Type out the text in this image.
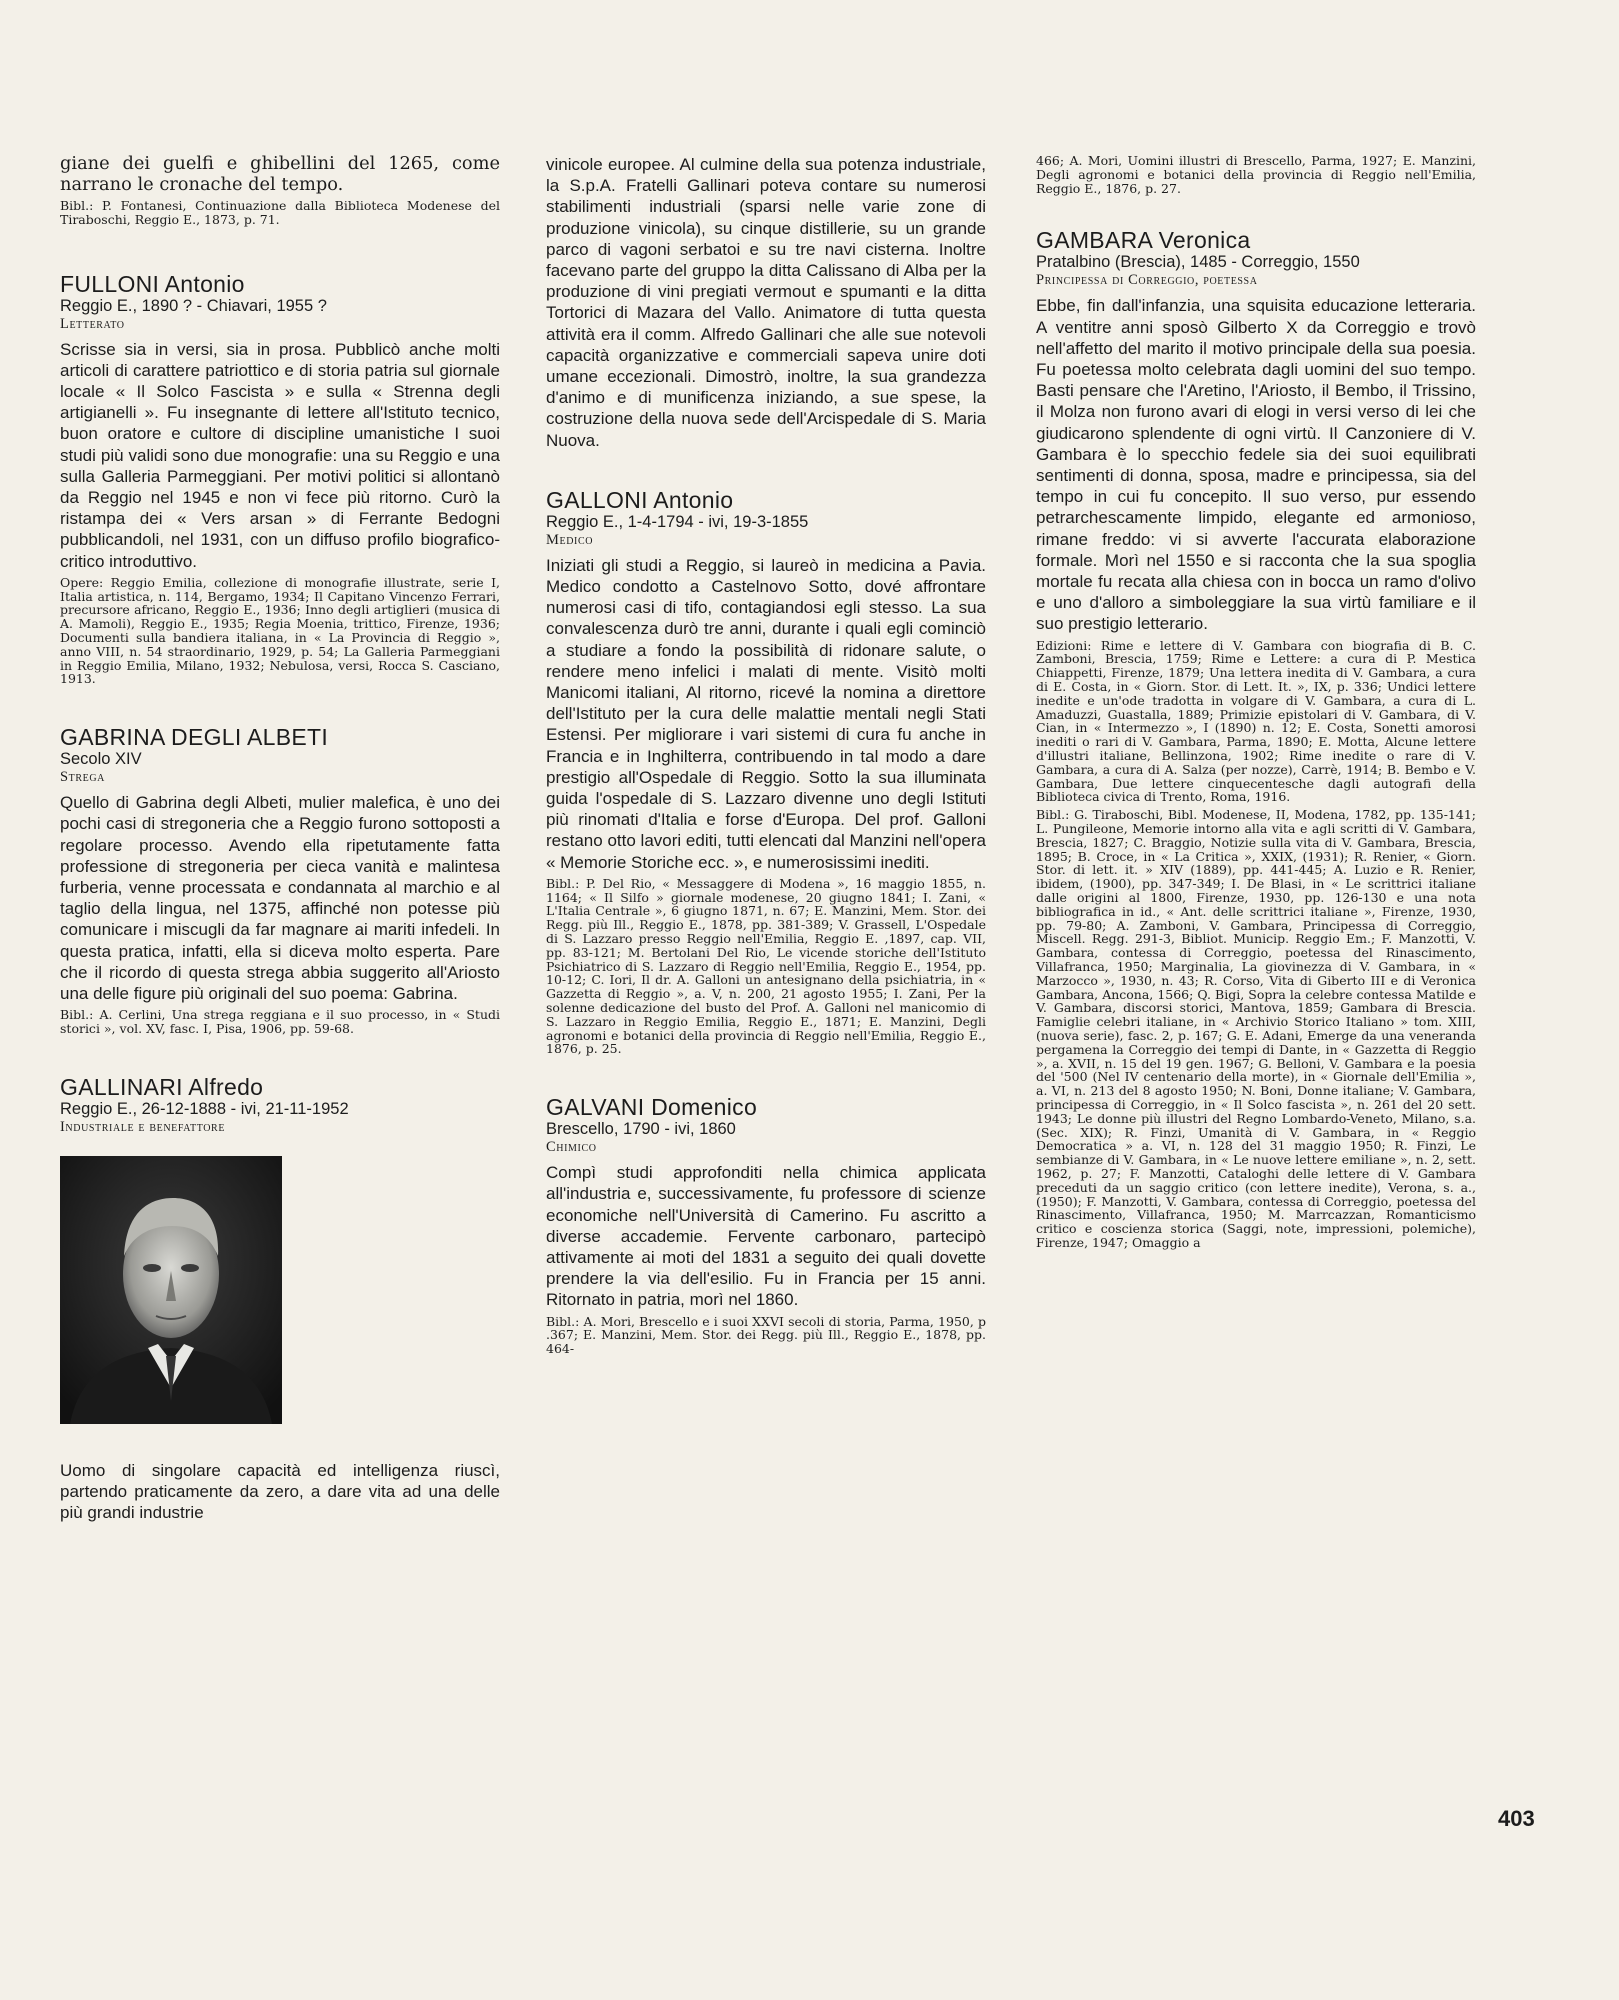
giane dei guelfi e ghibellini del 1265, come narrano le cronache del tempo.

Bibl.: P. Fontanesi, Continuazione dalla Biblioteca Modenese del Tiraboschi, Reggio E., 1873, p. 71.

FULLONI Antonio
Reggio E., 1890 ? - Chiavari, 1955 ?
Letterato

Scrisse sia in versi, sia in prosa. Pubblicò anche molti articoli di carattere patriottico e di storia patria sul giornale locale « Il Solco Fascista » e sulla « Strenna degli artigianelli ». Fu insegnante di lettere all'Istituto tecnico, buon oratore e cultore di discipline umanistiche I suoi studi più validi sono due monografie: una su Reggio e una sulla Galleria Parmeggiani. Per motivi politici si allontanò da Reggio nel 1945 e non vi fece più ritorno. Curò la ristampa dei « Vers arsan » di Ferrante Bedogni pubblicandoli, nel 1931, con un diffuso profilo biografico-critico introduttivo.

Opere: Reggio Emilia, collezione di monografie illustrate, serie I, Italia artistica, n. 114, Bergamo, 1934; Il Capitano Vincenzo Ferrari, precursore africano, Reggio E., 1936; Inno degli artiglieri (musica di A. Mamoli), Reggio E., 1935; Regia Moenia, trittico, Firenze, 1936; Documenti sulla bandiera italiana, in « La Provincia di Reggio », anno VIII, n. 54 straordinario, 1929, p. 54; La Galleria Parmeggiani in Reggio Emilia, Milano, 1932; Nebulosa, versi, Rocca S. Casciano, 1913.

GABRINA DEGLI ALBETI
Secolo XIV
Strega

Quello di Gabrina degli Albeti, mulier malefica, è uno dei pochi casi di stregoneria che a Reggio furono sottoposti a regolare processo. Avendo ella ripetutamente fatta professione di stregoneria per cieca vanità e malintesa furberia, venne processata e condannata al marchio e al taglio della lingua, nel 1375, affinché non potesse più comunicare i miscugli da far magnare ai mariti infedeli. In questa pratica, infatti, ella si diceva molto esperta. Pare che il ricordo di questa strega abbia suggerito all'Ariosto una delle figure più originali del suo poema: Gabrina.

Bibl.: A. Cerlini, Una strega reggiana e il suo processo, in « Studi storici », vol. XV, fasc. I, Pisa, 1906, pp. 59-68.

GALLINARI Alfredo
Reggio E., 26-12-1888 - ivi, 21-11-1952
Industriale e benefattore

Uomo di singolare capacità ed intelligenza riuscì, partendo praticamente da zero, a dare vita ad una delle più grandi industrie

vinicole europee. Al culmine della sua potenza industriale, la S.p.A. Fratelli Gallinari poteva contare su numerosi stabilimenti industriali (sparsi nelle varie zone di produzione vinicola), su cinque distillerie, su un grande parco di vagoni serbatoi e su tre navi cisterna. Inoltre facevano parte del gruppo la ditta Calissano di Alba per la produzione di vini pregiati vermout e spumanti e la ditta Tortorici di Mazara del Vallo. Animatore di tutta questa attività era il comm. Alfredo Gallinari che alle sue notevoli capacità organizzative e commerciali sapeva unire doti umane eccezionali. Dimostrò, inoltre, la sua grandezza d'animo e di munificenza iniziando, a sue spese, la costruzione della nuova sede dell'Arcispedale di S. Maria Nuova.

GALLONI Antonio
Reggio E., 1-4-1794 - ivi, 19-3-1855
Medico

Iniziati gli studi a Reggio, si laureò in medicina a Pavia. Medico condotto a Castelnovo Sotto, dové affrontare numerosi casi di tifo, contagiandosi egli stesso. La sua convalescenza durò tre anni, durante i quali egli cominciò a studiare a fondo la possibilità di ridonare salute, o rendere meno infelici i malati di mente. Visitò molti Manicomi italiani, Al ritorno, ricevé la nomina a direttore dell'Istituto per la cura delle malattie mentali negli Stati Estensi. Per migliorare i vari sistemi di cura fu anche in Francia e in Inghilterra, contribuendo in tal modo a dare prestigio all'Ospedale di Reggio. Sotto la sua illuminata guida l'ospedale di S. Lazzaro divenne uno degli Istituti più rinomati d'Italia e forse d'Europa. Del prof. Galloni restano otto lavori editi, tutti elencati dal Manzini nell'opera « Memorie Storiche ecc. », e numerosissimi inediti.

Bibl.: P. Del Rio, « Messaggere di Modena », 16 maggio 1855, n. 1164; « Il Silfo » giornale modenese, 20 giugno 1841; I. Zani, « L'Italia Centrale », 6 giugno 1871, n. 67; E. Manzini, Mem. Stor. dei Regg. più Ill., Reggio E., 1878, pp. 381-389; V. Grassell, L'Ospedale di S. Lazzaro presso Reggio nell'Emilia, Reggio E. ,1897, cap. VII, pp. 83-121; M. Bertolani Del Rio, Le vicende storiche dell'Istituto Psichiatrico di S. Lazzaro di Reggio nell'Emilia, Reggio E., 1954, pp. 10-12; C. Iori, Il dr. A. Galloni un antesignano della psichiatria, in « Gazzetta di Reggio », a. V, n. 200, 21 agosto 1955; I. Zani, Per la solenne dedicazione del busto del Prof. A. Galloni nel manicomio di S. Lazzaro in Reggio Emilia, Reggio E., 1871; E. Manzini, Degli agronomi e botanici della provincia di Reggio nell'Emilia, Reggio E., 1876, p. 25.

GALVANI Domenico
Brescello, 1790 - ivi, 1860
Chimico

Compì studi approfonditi nella chimica applicata all'industria e, successivamente, fu professore di scienze economiche nell'Università di Camerino. Fu ascritto a diverse accademie. Fervente carbonaro, partecipò attivamente ai moti del 1831 a seguito dei quali dovette prendere la via dell'esilio. Fu in Francia per 15 anni. Ritornato in patria, morì nel 1860.

Bibl.: A. Mori, Brescello e i suoi XXVI secoli di storia, Parma, 1950, p .367; E. Manzini, Mem. Stor. dei Regg. più Ill., Reggio E., 1878, pp. 464-

466; A. Mori, Uomini illustri di Brescello, Parma, 1927; E. Manzini, Degli agronomi e botanici della provincia di Reggio nell'Emilia, Reggio E., 1876, p. 27.

GAMBARA Veronica
Pratalbino (Brescia), 1485 - Correggio, 1550
Principessa di Correggio, poetessa

Ebbe, fin dall'infanzia, una squisita educazione letteraria. A ventitre anni sposò Gilberto X da Correggio e trovò nell'affetto del marito il motivo principale della sua poesia. Fu poetessa molto celebrata dagli uomini del suo tempo. Basti pensare che l'Aretino, l'Ariosto, il Bembo, il Trissino, il Molza non furono avari di elogi in versi verso di lei che giudicarono splendente di ogni virtù. Il Canzoniere di V. Gambara è lo specchio fedele sia dei suoi equilibrati sentimenti di donna, sposa, madre e principessa, sia del tempo in cui fu concepito. Il suo verso, pur essendo petrarchescamente limpido, elegante ed armonioso, rimane freddo: vi si avverte l'accurata elaborazione formale. Morì nel 1550 e si racconta che la sua spoglia mortale fu recata alla chiesa con in bocca un ramo d'olivo e uno d'alloro a simboleggiare la sua virtù familiare e il suo prestigio letterario.

Edizioni: Rime e lettere di V. Gambara con biografia di B. C. Zamboni, Brescia, 1759; Rime e Lettere: a cura di P. Mestica Chiappetti, Firenze, 1879; Una lettera inedita di V. Gambara, a cura di E. Costa, in « Giorn. Stor. di Lett. It. », IX, p. 336; Undici lettere inedite e un'ode tradotta in volgare di V. Gambara, a cura di L. Amaduzzi, Guastalla, 1889; Primizie epistolari di V. Gambara, di V. Cian, in « Intermezzo », I (1890) n. 12; E. Costa, Sonetti amorosi inediti o rari di V. Gambara, Parma, 1890; E. Motta, Alcune lettere d'illustri italiane, Bellinzona, 1902; Rime inedite o rare di V. Gambara, a cura di A. Salza (per nozze), Carrè, 1914; B. Bembo e V. Gambara, Due lettere cinquecentesche dagli autografi della Biblioteca civica di Trento, Roma, 1916.

Bibl.: G. Tiraboschi, Bibl. Modenese, II, Modena, 1782, pp. 135-141; L. Pungileone, Memorie intorno alla vita e agli scritti di V. Gambara, Brescia, 1827; C. Braggio, Notizie sulla vita di V. Gambara, Brescia, 1895; B. Croce, in « La Critica », XXIX, (1931); R. Renier, « Giorn. Stor. di lett. it. » XIV (1889), pp. 441-445; A. Luzio e R. Renier, ibidem, (1900), pp. 347-349; I. De Blasi, in « Le scrittrici italiane dalle origini al 1800, Firenze, 1930, pp. 126-130 e una nota bibliografica in id., « Ant. delle scrittrici italiane », Firenze, 1930, pp. 79-80; A. Zamboni, V. Gambara, Principessa di Correggio, Miscell. Regg. 291-3, Bibliot. Municip. Reggio Em.; F. Manzotti, V. Gambara, contessa di Correggio, poetessa del Rinascimento, Villafranca, 1950; Marginalia, La giovinezza di V. Gambara, in « Marzocco », 1930, n. 43; R. Corso, Vita di Giberto III e di Veronica Gambara, Ancona, 1566; Q. Bigi, Sopra la celebre contessa Matilde e V. Gambara, discorsi storici, Mantova, 1859; Gambara di Brescia. Famiglie celebri italiane, in « Archivio Storico Italiano » tom. XIII, (nuova serie), fasc. 2, p. 167; G. E. Adani, Emerge da una veneranda pergamena la Correggio dei tempi di Dante, in « Gazzetta di Reggio », a. XVII, n. 15 del 19 gen. 1967; G. Belloni, V. Gambara e la poesia del '500 (Nel IV centenario della morte), in « Giornale dell'Emilia », a. VI, n. 213 del 8 agosto 1950; N. Boni, Donne italiane; V. Gambara, principessa di Correggio, in « Il Solco fascista », n. 261 del 20 sett. 1943; Le donne più illustri del Regno Lombardo-Veneto, Milano, s.a. (Sec. XIX); R. Finzi, Umanità di V. Gambara, in « Reggio Democratica » a. VI, n. 128 del 31 maggio 1950; R. Finzi, Le sembianze di V. Gambara, in « Le nuove lettere emiliane », n. 2, sett. 1962, p. 27; F. Manzotti, Cataloghi delle lettere di V. Gambara preceduti da un saggio critico (con lettere inedite), Verona, s. a., (1950); F. Manzotti, V. Gambara, contessa di Correggio, poetessa del Rinascimento, Villafranca, 1950; M. Marrcazzan, Romanticismo critico e coscienza storica (Saggi, note, impressioni, polemiche), Firenze, 1947; Omaggio a

403
